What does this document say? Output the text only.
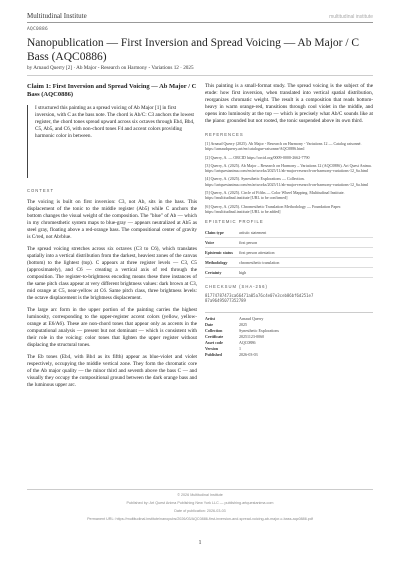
Multitudinal Institute	multitudinal institute
AQC0886
Nanopublication — First Inversion and Spread Voicing — Ab Major / C Bass (AQC0886)
by Arnaud Querry [2] · Ab Major - Research on Harmony - Variations 12 · 2025
Claim 1: First Inversion and Spread Voicing — Ab Major / C Bass (AQC0886)

I structured this painting as a spread voicing of Ab Major [1] in first inversion, with C as the bass note. The chord is Ab/C: C3 anchors the lowest register, the chord tones spread upward across six octaves through Eb4, Bb4, C5, Ab5, and C6, with non-chord tones F4 and accent colors providing harmonic color in between.

CONTEXT

The voicing is built on first inversion: C3, not Ab, sits in the bass. This displacement of the tonic to the middle register (Ab5) while C anchors the bottom changes the visual weight of the composition. The "blue" of Ab — which in my chromesthetic system maps to blue-gray — appears neutralized at Ab5 as steel gray, floating above a red-orange bass. The compositional center of gravity is C/red, not Ab/blue.

The spread voicing stretches across six octaves (C3 to C6), which translates spatially into a vertical distribution from the darkest, heaviest zones of the canvas (bottom) to the lightest (top). C appears at three register levels — C3, C5 (approximately), and C6 — creating a vertical axis of red through the composition. The register-to-brightness encoding means these three instances of the same pitch class appear at very different brightness values: dark brown at C3, mid orange at C5, near-yellow at C6. Same pitch class, three brightness levels: the octave displacement is the brightness displacement.

The large arc form in the upper portion of the painting carries the highest luminosity, corresponding to the upper-register accent colors (yellow, yellow-orange at E6/A6). These are non-chord tones that appear only as accents in the computational analysis — present but not dominant — which is consistent with their role in the voicing: color tones that lighten the upper register without displacing the structural tones.

The Eb tones (Eb4, with Bb4 as its fifth) appear as blue-violet and violet respectively, occupying the middle vertical zone. They form the chromatic core of the Ab major quality — the minor third and seventh above the bass C — and visually they occupy the compositional ground between the dark orange bass and the luminous upper arc.

This painting is a small-format study. The spread voicing is the subject of the etude: how first inversion, when translated into vertical spatial distribution, reorganizes chromatic weight. The result is a composition that reads bottom-heavy in warm orange-red, transitions through cool violet in the middle, and opens into luminosity at the top — which is precisely what Ab/C sounds like at the piano: grounded but not rooted, the tonic suspended above its own third.

REFERENCES
[1] Arnaud Querry (2025). Ab Major - Research on Harmony - Variations 12 — Catalog raisonné. https://arnaudquerry.art/en/catalogue-raisonne/AQC0886.html
[2] Querry, A. — ORCID https://orcid.org/0009-0000-2662-7790
[3] Querry, A. (2025). Ab Major – Research on Harmony – Variations 12 (AQC0886). Art Quest Anima. https://artquestanima.com/en/artworks/2025/11/ab-major-research-on-harmony-variations-12_6a.html
[4] Querry, A. (2025). Synesthetic Explorations — Collection. https://artquestanima.com/en/artworks/2025/11/ab-major-research-on-harmony-variations-12_6a.html
[5] Querry, A. (2025). Circle of Fifths — Color Wheel Mapping. Multitudinal Institute. https://multitudinal.institute [URL to be confirmed]
[6] Querry, A. (2025). Chromesthetic Translation Methodology — Foundation Paper. https://multitudinal.institute [URL to be added]
EPISTEMIC PROFILE
Claim type	artistic statement
Voice	first person
Epistemic status	first person attestation
Methodology	chromesthetic translation
Certainty	high
CHECKSUM (SHA-256)
81774787473ca66471a05a76c4e07e3ceb86bf6d251e787a96495077352789
Artist	Arnaud Querry
Date	2025
Collection	Synesthetic Explorations
Certificate	20251123-0060
Asset code	AQC0886
Version	1
Published	2026-03-03
© 2026 Multitudinal Institute
Published by: Art Quest Anima Publishing New York LLC — publishing.artquestanima.com
Date of publication: 2026-03-03
Permanent URL: https://multitudinal.institute/nanopubs/2026/03/AQC0886-first-inversion-and-spread-voicing-ab-major-c-bass-aqc0886.pdf
1
